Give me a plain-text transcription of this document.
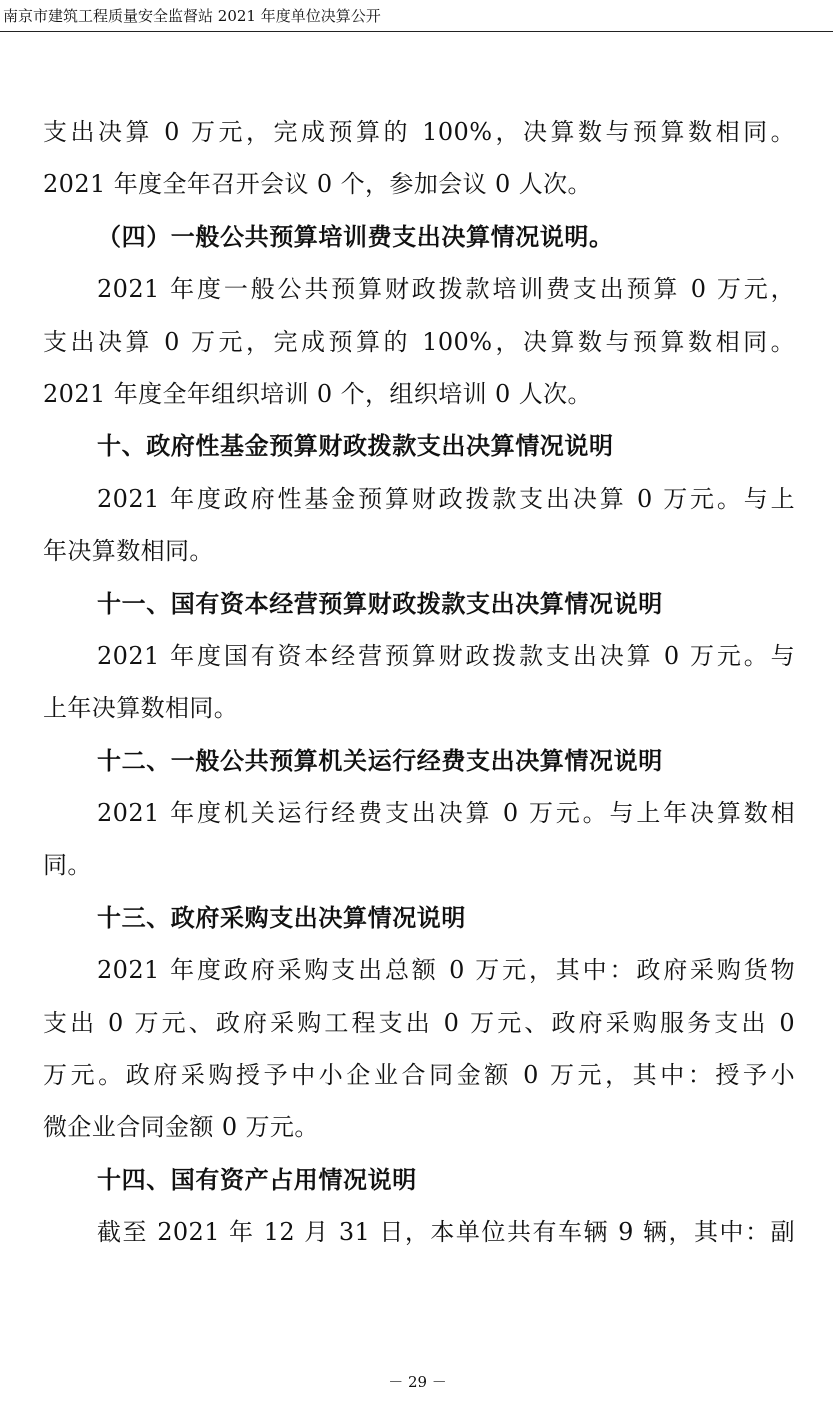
南京市建筑工程质量安全监督站 2021 年度单位决算公开
支出决算 0 万元，完成预算的 100%，决算数与预算数相同。
2021 年度全年召开会议 0 个，参加会议 0 人次。
（四）一般公共预算培训费支出决算情况说明。
2021 年度一般公共预算财政拨款培训费支出预算 0 万元，
支出决算 0 万元，完成预算的 100%，决算数与预算数相同。
2021 年度全年组织培训 0 个，组织培训 0 人次。
十、政府性基金预算财政拨款支出决算情况说明
2021 年度政府性基金预算财政拨款支出决算 0 万元。与上
年决算数相同。
十一、国有资本经营预算财政拨款支出决算情况说明
2021 年度国有资本经营预算财政拨款支出决算 0 万元。与
上年决算数相同。
十二、一般公共预算机关运行经费支出决算情况说明
2021 年度机关运行经费支出决算 0 万元。与上年决算数相
同。
十三、政府采购支出决算情况说明
2021 年度政府采购支出总额 0 万元，其中：政府采购货物
支出 0 万元、政府采购工程支出 0 万元、政府采购服务支出 0
万元。政府采购授予中小企业合同金额 0 万元，其中：授予小
微企业合同金额 0 万元。
十四、国有资产占用情况说明
截至 2021 年 12 月 31 日，本单位共有车辆 9 辆，其中：副
－ 29 －
